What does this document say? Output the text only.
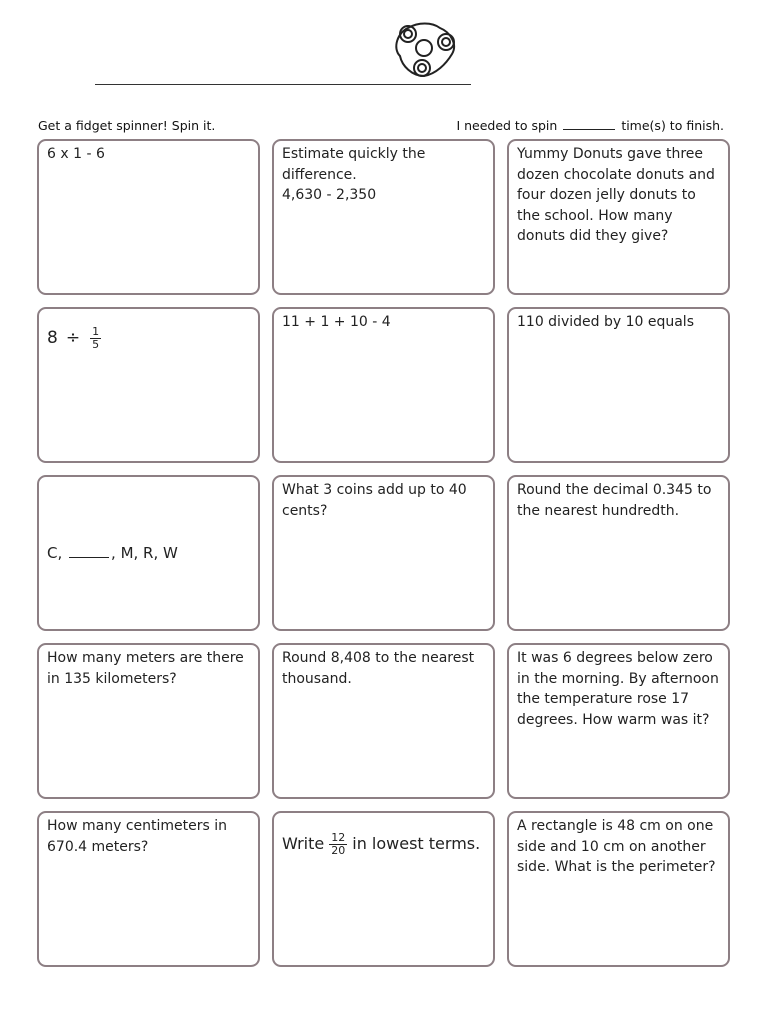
Get a fidget spinner! Spin it.	I needed to spin	time(s) to finish.
6 x 1 - 6	Estimate quickly the
difference.
4,630 - 2,350
Yummy Donuts gave three dozen chocolate donuts and four dozen jelly donuts to the school. How many donuts did they give?
$8 \div \frac{1}{5}$
11 + 1 + 10 - 4	110 divided by 10 equals
C,	, M, R, W
What 3 coins add up to 40 cents?
Round the decimal 0.345 to the nearest hundredth.
How many meters are there in 135 kilometers?
Round 8,408 to the nearest thousand.
It was 6 degrees below zero in the morning. By afternoon the temperature rose 17 degrees. How warm was it?
How many centimeters in 670.4 meters?	Write $\frac{12}{20}$ in lowest terms.
A rectangle is 48 cm on one side and 10 cm on another side. What is the perimeter?
